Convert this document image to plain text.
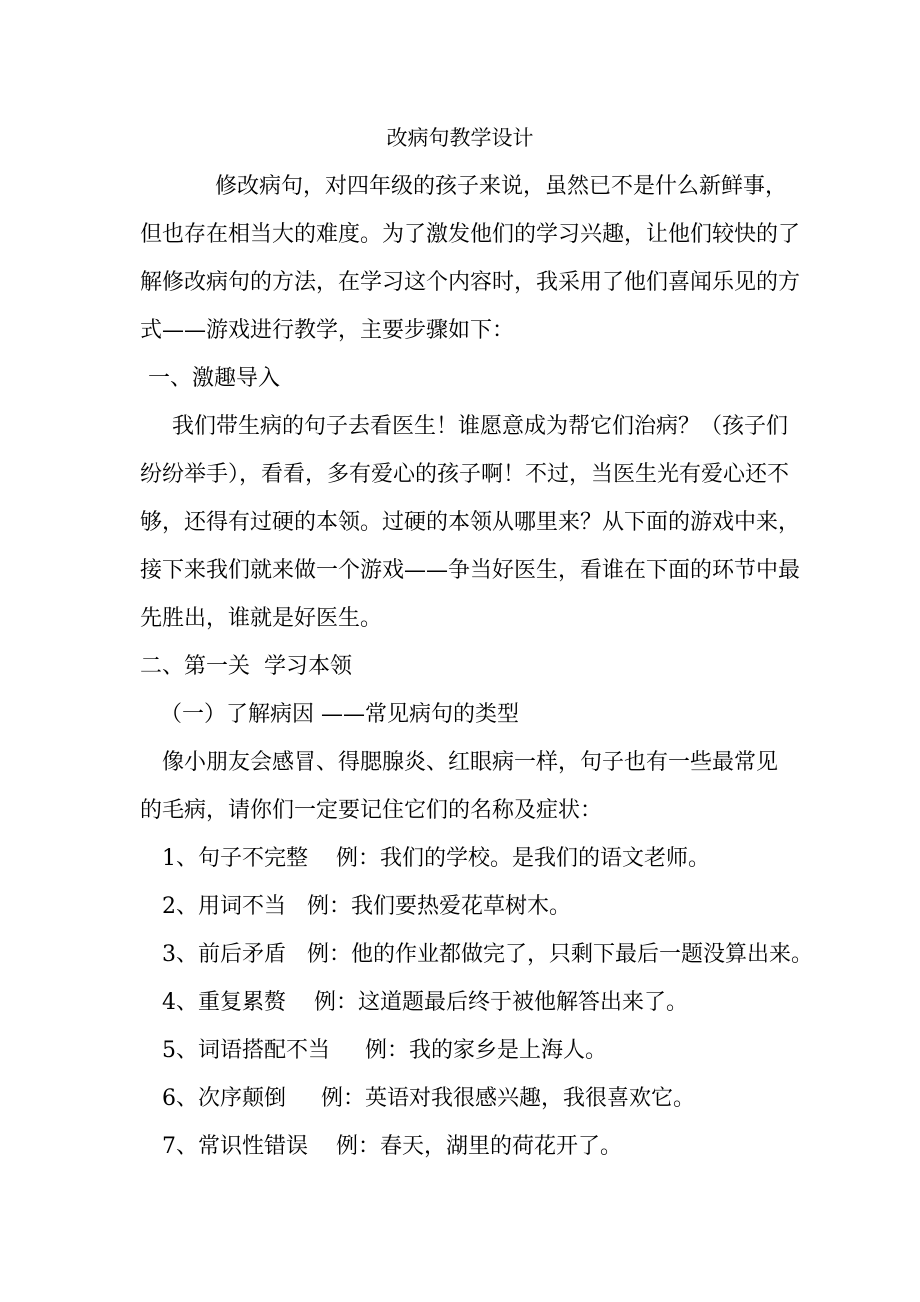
改病句教学设计
修改病句，对四年级的孩子来说，虽然已不是什么新鲜事，
但也存在相当大的难度。为了激发他们的学习兴趣，让他们较快的了
解修改病句的方法，在学习这个内容时，我采用了他们喜闻乐见的方
式——游戏进行教学，主要步骤如下：
一、激趣导入
我们带生病的句子去看医生！谁愿意成为帮它们治病？（孩子们
纷纷举手），看看，多有爱心的孩子啊！不过，当医生光有爱心还不
够，还得有过硬的本领。过硬的本领从哪里来？从下面的游戏中来，
接下来我们就来做一个游戏——争当好医生，看谁在下面的环节中最
先胜出，谁就是好医生。
二、第一关  学习本领
（一）了解病因 ——常见病句的类型
像小朋友会感冒、得腮腺炎、红眼病一样，句子也有一些最常见
的毛病，请你们一定要记住它们的名称及症状：
1、句子不完整    例：我们的学校。是我们的语文老师。
2、用词不当   例：我们要热爱花草树木。
3、前后矛盾   例：他的作业都做完了，只剩下最后一题没算出来。
4、重复累赘    例：这道题最后终于被他解答出来了。
5、词语搭配不当     例：我的家乡是上海人。
6、次序颠倒     例：英语对我很感兴趣，我很喜欢它。
7、常识性错误    例：春天，湖里的荷花开了。
